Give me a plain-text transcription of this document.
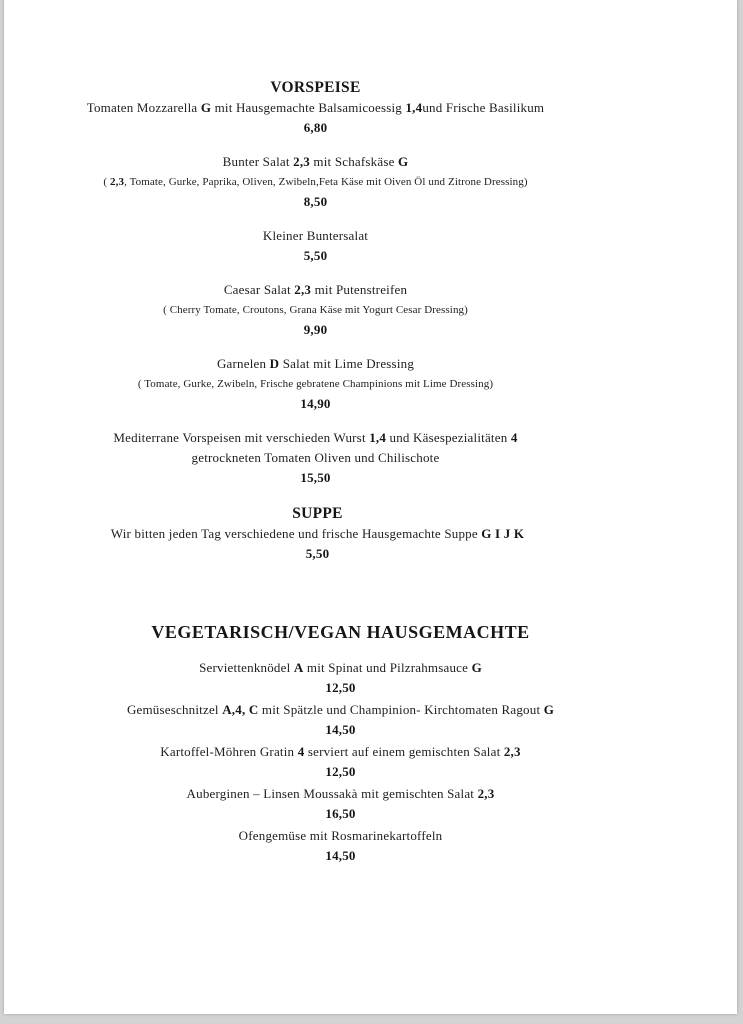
VORSPEISE
Tomaten Mozzarella G mit Hausgemachte Balsamicoessig 1,4und Frische Basilikum
6,80
Bunter Salat 2,3 mit Schafskäse G
( 2,3, Tomate, Gurke, Paprika, Oliven, Zwibeln,Feta Käse mit Oiven Öl und Zitrone Dressing)
8,50
Kleiner Buntersalat
5,50
Caesar Salat 2,3 mit Putenstreifen
( Cherry Tomate, Croutons, Grana Käse mit Yogurt Cesar Dressing)
9,90
Garnelen D Salat mit Lime Dressing
( Tomate, Gurke, Zwibeln, Frische gebratene Champinions mit Lime Dressing)
14,90
Mediterrane Vorspeisen mit verschieden Wurst 1,4 und Käsespezialitäten 4
getrockneten Tomaten Oliven und Chilischote
15,50
SUPPE
Wir bitten jeden Tag verschiedene und frische Hausgemachte Suppe G I J K
5,50
VEGETARISCH/VEGAN HAUSGEMACHTE
Serviettenknödel A mit Spinat und Pilzrahmsauce G
12,50
Gemüseschnitzel A,4, C mit Spätzle und Champinion- Kirchtomaten Ragout G
14,50
Kartoffel-Möhren Gratin 4 serviert auf einem gemischten Salat 2,3
12,50
Auberginen – Linsen Moussakà mit gemischten Salat 2,3
16,50
Ofengemüse mit Rosmarinekartoffeln
14,50
